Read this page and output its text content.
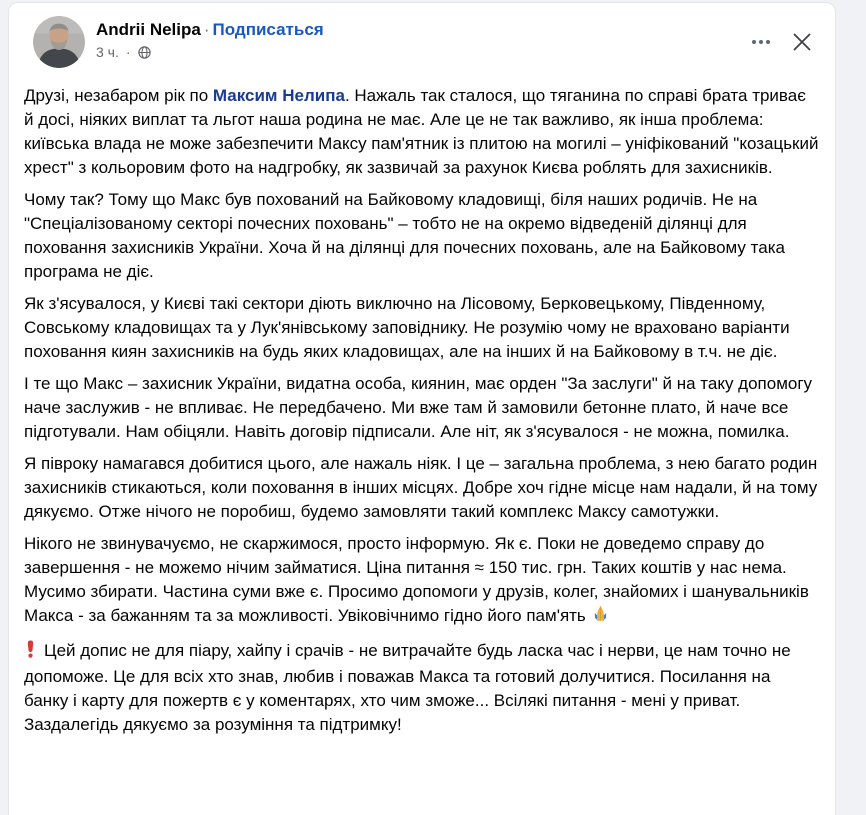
Andrii Nelipa · Подписаться
3 ч. ·

Друзі, незабаром рік по Максим Нелипа. Нажаль так сталося, що тяганина по справі брата триває й досі, ніяких виплат та льгот наша родина не має. Але це не так важливо, як інша проблема: київська влада не може забезпечити Максу пам'ятник із плитою на могилі – уніфікований "козацький хрест" з кольоровим фото на надгробку, як зазвичай за рахунок Києва роблять для захисників.

Чому так? Тому що Макс був похований на Байковому кладовищі, біля наших родичів. Не на "Спеціалізованому секторі почесних поховань" – тобто не на окремо відведеній ділянці для поховання захисників України. Хоча й на ділянці для почесних поховань, але на Байковому така програма не діє.

Як з'ясувалося, у Києві такі сектори діють виключно на Лісовому, Берковецькому, Південному, Совському кладовищах та у Лук'янівському заповіднику. Не розумію чому не враховано варіанти поховання киян захисників на будь яких кладовищах, але на інших й на Байковому в т.ч. не діє.

І те що Макс – захисник України, видатна особа, киянин, має орден "За заслуги" й на таку допомогу наче заслужив - не впливає. Не передбачено. Ми вже там й замовили бетонне плато, й наче все підготували. Нам обіцяли. Навіть договір підписали. Але ніт, як з'ясувалося - не можна, помилка.

Я півроку намагався добитися цього, але нажаль ніяк. І це – загальна проблема, з нею багато родин захисників стикаються, коли поховання в інших місцях. Добре хоч гідне місце нам надали, й на тому дякуємо. Отже нічого не поробиш, будемо замовляти такий комплекс Максу самотужки.

Нікого не звинувачуємо, не скаржимося, просто інформую. Як є. Поки не доведемо справу до завершення - не можемо нічим займатися. Ціна питання ≈ 150 тис. грн. Таких коштів у нас нема. Мусимо збирати. Частина суми вже є. Просимо допомоги у друзів, колег, знайомих і шанувальників Макса - за бажанням та за можливості. Увіковічнимо гідно його пам'ять

Цей допис не для піару, хайпу і срачів - не витрачайте будь ласка час і нерви, це нам точно не допоможе. Це для всіх хто знав, любив і поважав Макса та готовий долучитися. Посилання на банку і карту для пожертв є у коментарях, хто чим зможе... Всілякі питання - мені у приват. Заздалегідь дякуємо за розуміння та підтримку!
